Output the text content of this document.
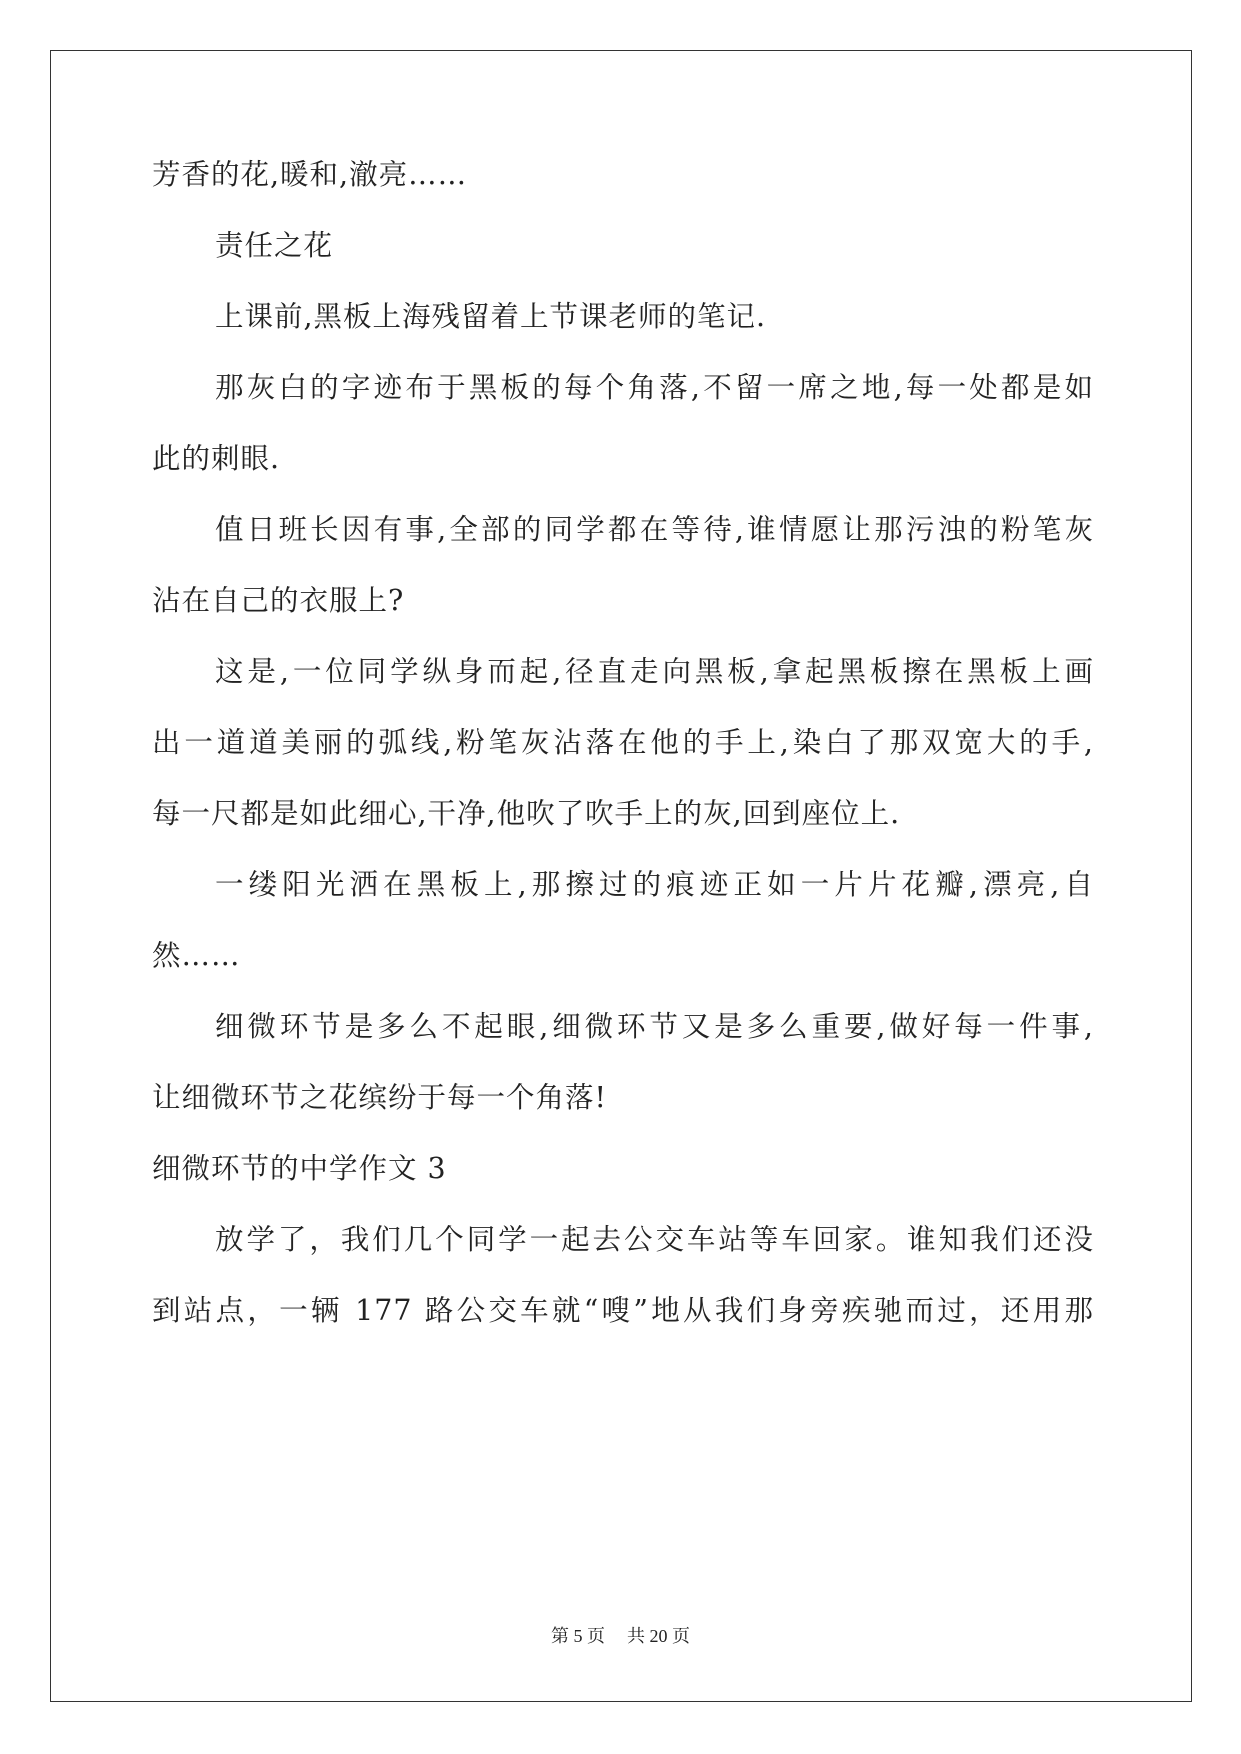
芳香的花,暖和,澈亮……
责任之花
上课前,黑板上海残留着上节课老师的笔记.
那灰白的字迹布于黑板的每个角落,不留一席之地,每一处都是如
此的刺眼.
值日班长因有事,全部的同学都在等待,谁情愿让那污浊的粉笔灰
沾在自己的衣服上?
这是,一位同学纵身而起,径直走向黑板,拿起黑板擦在黑板上画
出一道道美丽的弧线,粉笔灰沾落在他的手上,染白了那双宽大的手,
每一尺都是如此细心,干净,他吹了吹手上的灰,回到座位上.
一缕阳光洒在黑板上,那擦过的痕迹正如一片片花瓣,漂亮,自
然……
细微环节是多么不起眼,细微环节又是多么重要,做好每一件事,
让细微环节之花缤纷于每一个角落!
细微环节的中学作文 3
放学了，我们几个同学一起去公交车站等车回家。谁知我们还没
到站点，一辆 177 路公交车就“嗖”地从我们身旁疾驰而过，还用那
第 5 页 共 20 页
